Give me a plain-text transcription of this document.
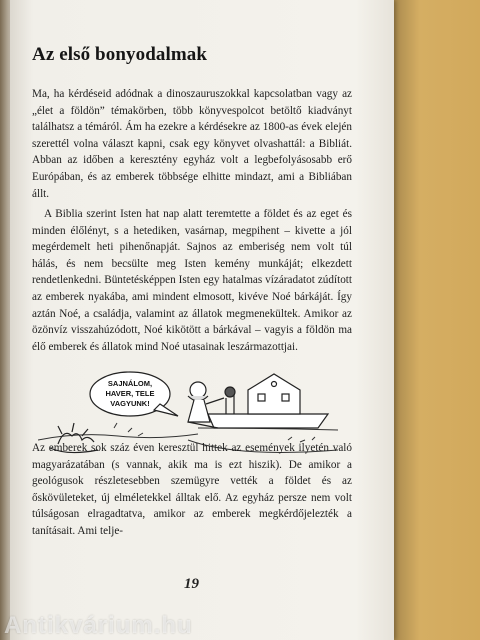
Az első bonyodalmak

Ma, ha kérdéseid adódnak a dinoszauruszokkal kapcsolatban vagy az „élet a földön” témakörben, több könyvespolcot betöltő kiadványt találhatsz a témáról. Ám ha ezekre a kérdésekre az 1800-as évek elején szerettél volna választ kapni, csak egy könyvet olvashattál: a Bibliát. Abban az időben a keresztény egyház volt a legbefolyásosabb erő Európában, és az emberek többsége elhitte mindazt, ami a Bibliában állt.

A Biblia szerint Isten hat nap alatt teremtette a földet és az eget és minden élőlényt, s a hetediken, vasárnap, megpihent – kivette a jól megérdemelt heti pihenőnapját. Sajnos az emberiség nem volt túl hálás, és nem becsülte meg Isten kemény munkáját; elkezdett rendetlenkedni. Büntetésképpen Isten egy hatalmas vízáradatot zúdított az emberek nyakába, ami mindent elmosott, kivéve Noé bárkáját. Így aztán Noé, a családja, valamint az állatok megmenekültek. Amikor az özönvíz visszahúzódott, Noé kikötött a bárkával – vagyis a földön ma élő emberek és állatok mind Noé utasainak leszármazottjai.

SAJNÁLOM,
HAVER, TELE
VAGYUNK!

Az emberek sok száz éven keresztül hittek az események ilyetén való magyarázatában (s vannak, akik ma is ezt hiszik). De amikor a geológusok részletesebben szemügyre vették a földet és az őskövületeket, új elméletekkel álltak elő. Az egyház persze nem volt túlságosan elragadtatva, amikor az emberek megkérdőjelezték a tanításait. Ami telje-

19
Antikvárium.hu
